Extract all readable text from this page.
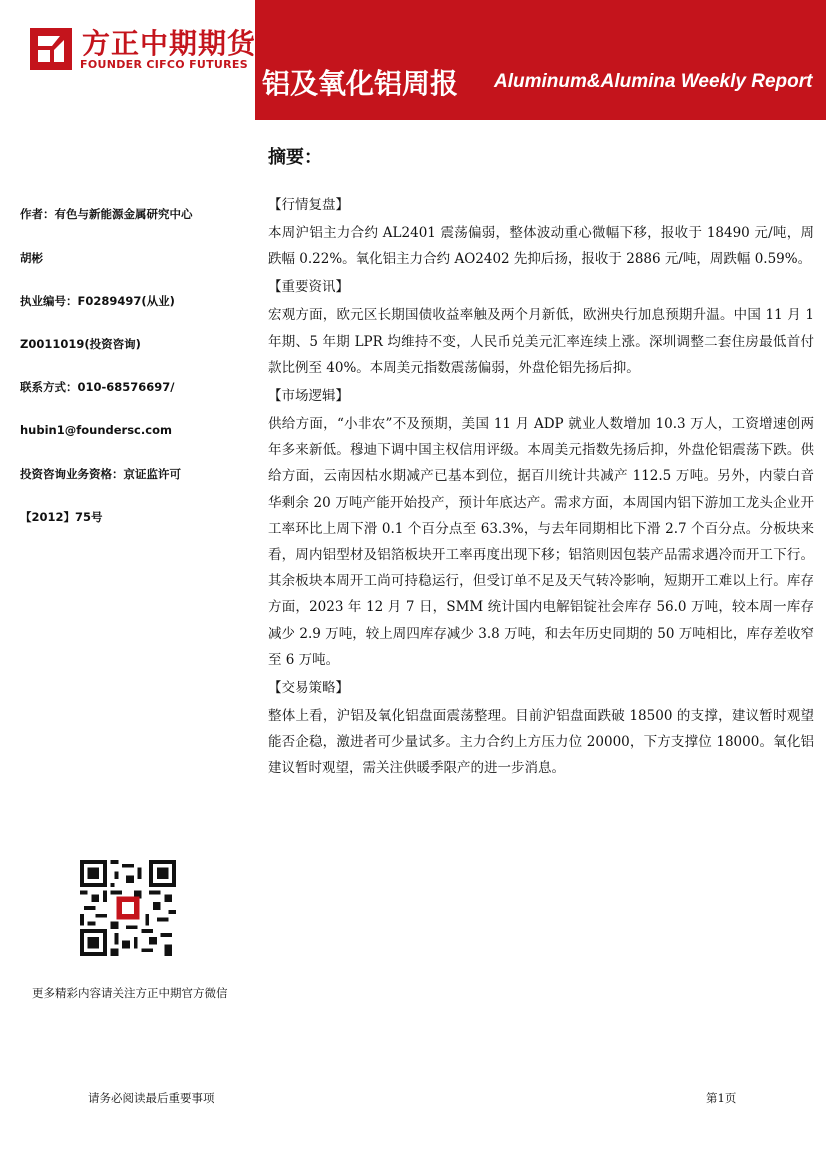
方正中期期货
FOUNDER CIFCO FUTURES
铝及氧化铝周报 Aluminum&Alumina Weekly Report
摘要：
作者：有色与新能源金属研究中心
胡彬
执业编号：F0289497(从业)
Z0011019(投资咨询)
联系方式：010-68576697/
hubin1@foundersc.com
投资咨询业务资格：京证监许可
【2012】75号
更多精彩内容请关注方正中期官方微信
【行情复盘】
本周沪铝主力合约 AL2401 震荡偏弱，整体波动重心微幅下移，报收于 18490 元/吨，周跌幅 0.22%。氧化铝主力合约 AO2402 先抑后扬，报收于 2886 元/吨，周跌幅 0.59%。
【重要资讯】
宏观方面，欧元区长期国债收益率触及两个月新低，欧洲央行加息预期升温。中国 11 月 1 年期、5 年期 LPR 均维持不变，人民币兑美元汇率连续上涨。深圳调整二套住房最低首付款比例至 40%。本周美元指数震荡偏弱，外盘伦铝先扬后抑。
【市场逻辑】
供给方面，“小非农”不及预期，美国 11 月 ADP 就业人数增加 10.3 万人，工资增速创两年多来新低。穆迪下调中国主权信用评级。本周美元指数先扬后抑，外盘伦铝震荡下跌。供给方面，云南因枯水期减产已基本到位，据百川统计共减产 112.5 万吨。另外，内蒙白音华剩余 20 万吨产能开始投产，预计年底达产。需求方面，本周国内铝下游加工龙头企业开工率环比上周下滑 0.1 个百分点至 63.3%，与去年同期相比下滑 2.7 个百分点。分板块来看，周内铝型材及铝箔板块开工率再度出现下移；铝箔则因包装产品需求遇冷而开工下行。其余板块本周开工尚可持稳运行，但受订单不足及天气转冷影响，短期开工难以上行。库存方面，2023 年 12 月 7 日，SMM 统计国内电解铝锭社会库存 56.0 万吨，较本周一库存减少 2.9 万吨，较上周四库存减少 3.8 万吨，和去年历史同期的 50 万吨相比，库存差收窄至 6 万吨。
【交易策略】
整体上看，沪铝及氧化铝盘面震荡整理。目前沪铝盘面跌破 18500 的支撑，建议暂时观望能否企稳，激进者可少量试多。主力合约上方压力位 20000，下方支撑位 18000。氧化铝建议暂时观望，需关注供暖季限产的进一步消息。
请务必阅读最后重要事项	第1页
